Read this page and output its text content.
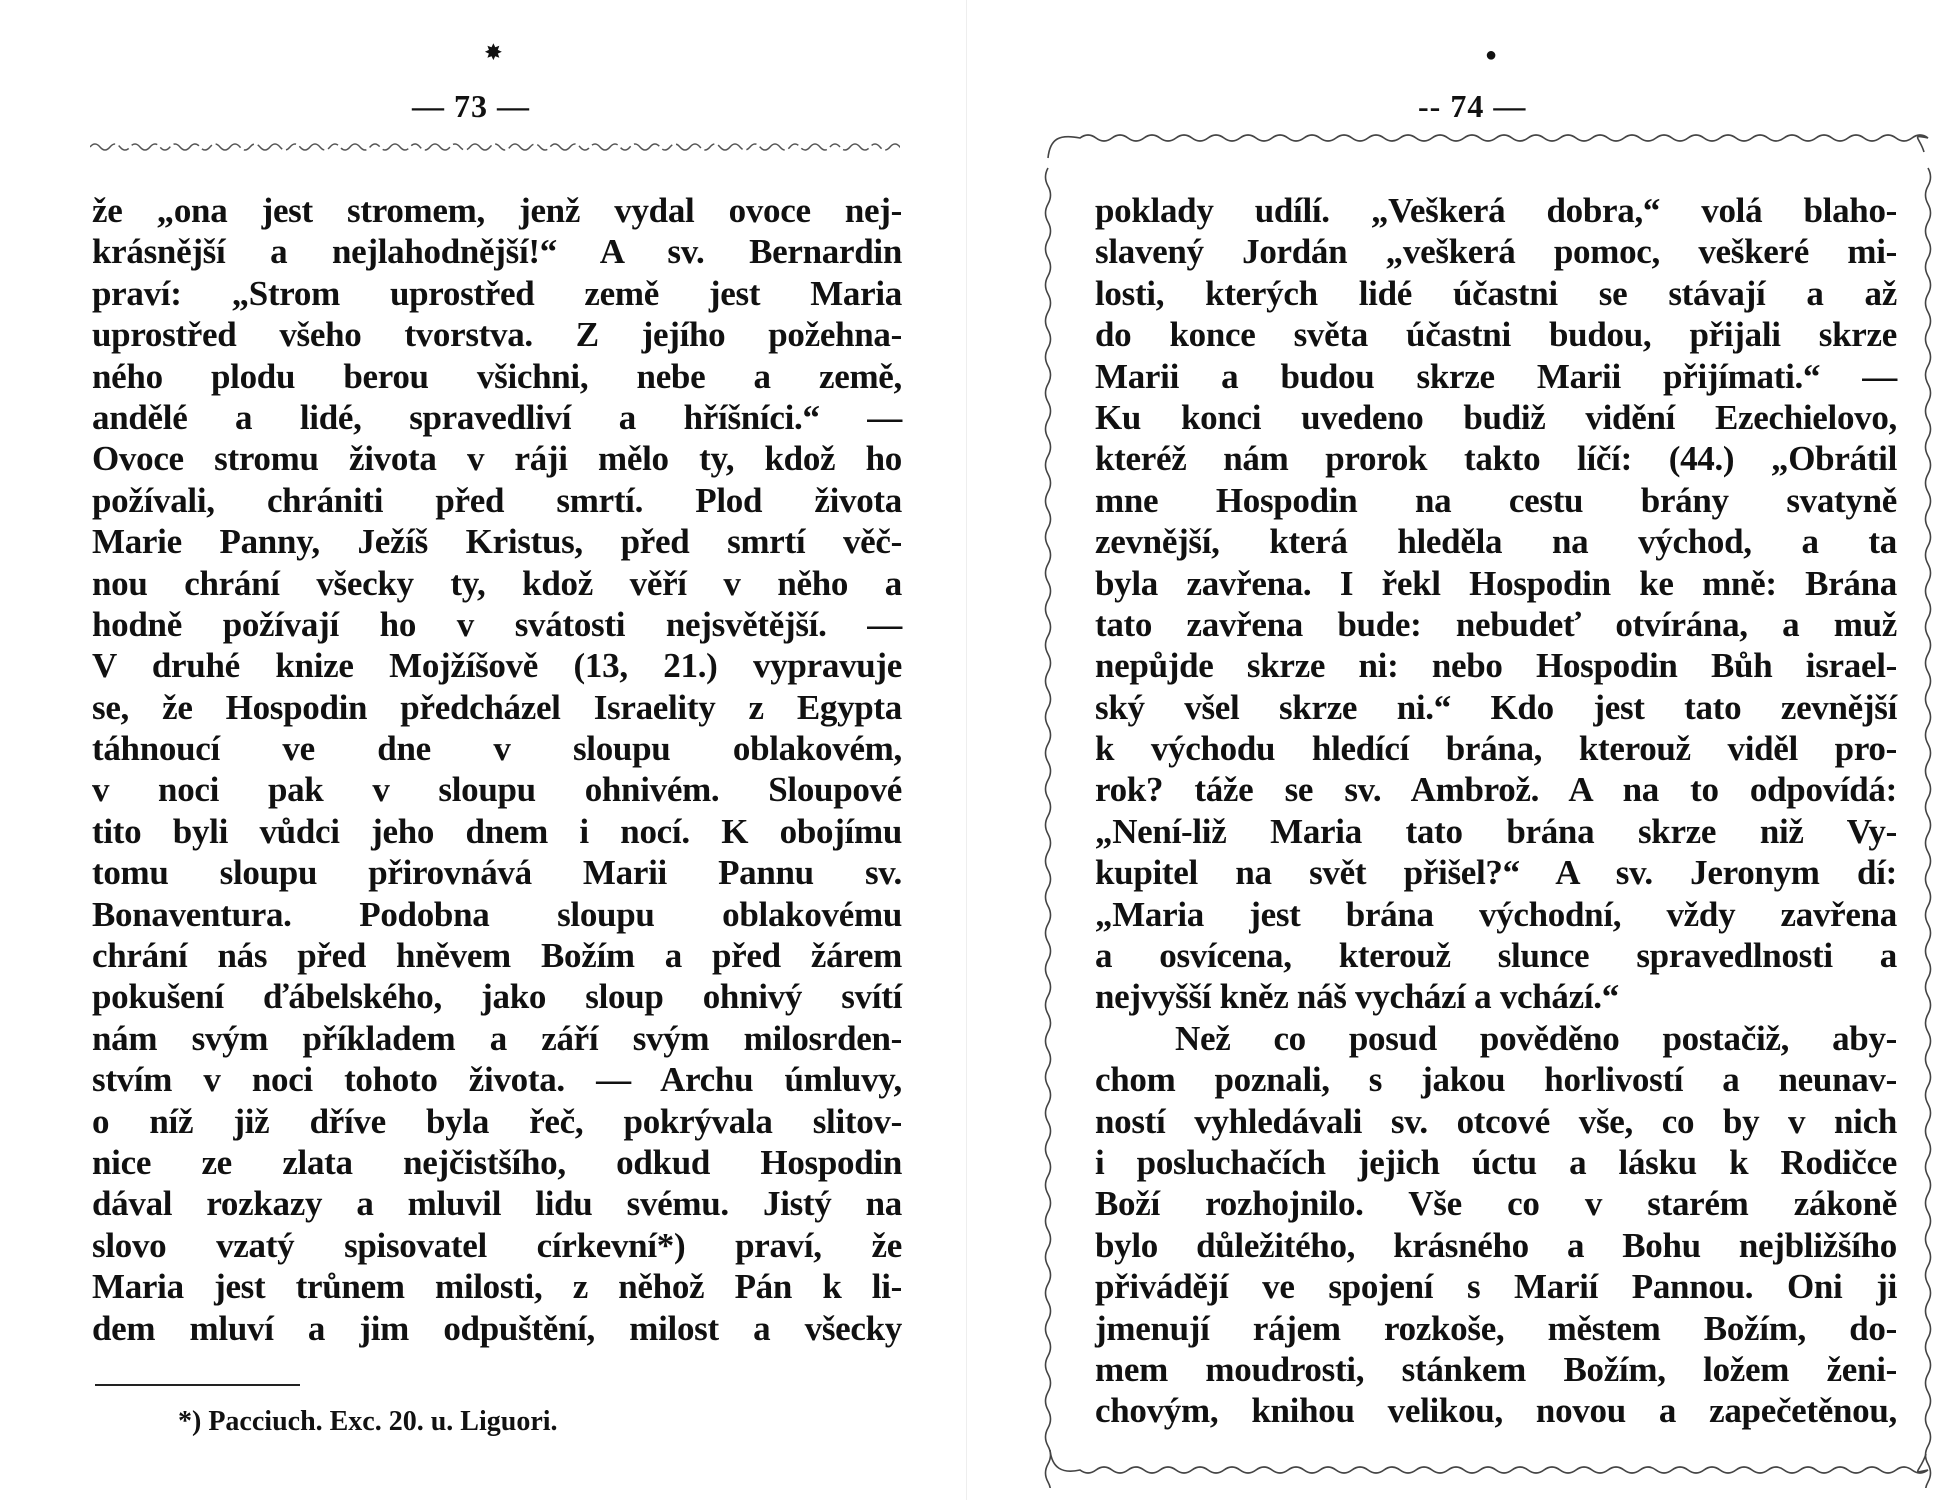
✸
— 73 —
že „ona jest stromem, jenž vydal ovoce nej-
krásnější a nejlahodnější!“ A sv. Bernardin
praví: „Strom uprostřed země jest Maria
uprostřed všeho tvorstva. Z jejího požehna-
ného plodu berou všichni, nebe a země,
andělé a lidé, spravedliví a hříšníci.“ —
Ovoce stromu života v ráji mělo ty, kdož ho
požívali, chrániti před smrtí. Plod života
Marie Panny, Ježíš Kristus, před smrtí věč-
nou chrání všecky ty, kdož věří v něho a
hodně požívají ho v svátosti nejsvětější. —
V druhé knize Mojžíšově (13, 21.) vypravuje
se, že Hospodin předcházel Israelity z Egypta
táhnoucí ve dne v sloupu oblakovém,
v noci pak v sloupu ohnivém. Sloupové
tito byli vůdci jeho dnem i nocí. K obojímu
tomu sloupu přirovnává Marii Pannu sv.
Bonaventura. Podobna sloupu oblakovému
chrání nás před hněvem Božím a před žárem
pokušení ďábelského, jako sloup ohnivý svítí
nám svým příkladem a září svým milosrden-
stvím v noci tohoto života. — Archu úmluvy,
o níž již dříve byla řeč, pokrývala slitov-
nice ze zlata nejčistšího, odkud Hospodin
dával rozkazy a mluvil lidu svému. Jistý na
slovo vzatý spisovatel církevní*) praví, že
Maria jest trůnem milosti, z něhož Pán k li-
dem mluví a jim odpuštění, milost a všecky
*) Pacciuch. Exc. 20. u. Liguori.
●
-- 74 —
poklady udílí. „Veškerá dobra,“ volá blaho-
slavený Jordán „veškerá pomoc, veškeré mi-
losti, kterých lidé účastni se stávají a až
do konce světa účastni budou, přijali skrze
Marii a budou skrze Marii přijímati.“ —
Ku konci uvedeno budiž vidění Ezechielovo,
kteréž nám prorok takto líčí: (44.) „Obrátil
mne Hospodin na cestu brány svatyně
zevnější, která hleděla na východ, a ta
byla zavřena. I řekl Hospodin ke mně: Brána
tato zavřena bude: nebudeť otvírána, a muž
nepůjde skrze ni: nebo Hospodin Bůh israel-
ský všel skrze ni.“ Kdo jest tato zevnější
k východu hledící brána, kterouž viděl pro-
rok? táže se sv. Ambrož. A na to odpovídá:
„Není-liž Maria tato brána skrze niž Vy-
kupitel na svět přišel?“ A sv. Jeronym dí:
„Maria jest brána východní, vždy zavřena
a osvícena, kterouž slunce spravedlnosti a
nejvyšší kněz náš vychází a vchází.“
Než co posud pověděno postačiž, aby-
chom poznali, s jakou horlivostí a neunav-
ností vyhledávali sv. otcové vše, co by v nich
i posluchačích jejich úctu a lásku k Rodičce
Boží rozhojnilo. Vše co v starém zákoně
bylo důležitého, krásného a Bohu nejbližšího
přivádějí ve spojení s Marií Pannou. Oni ji
jmenují rájem rozkoše, městem Božím, do-
mem moudrosti, stánkem Božím, ložem ženi-
chovým, knihou velikou, novou a zapečetěnou,
